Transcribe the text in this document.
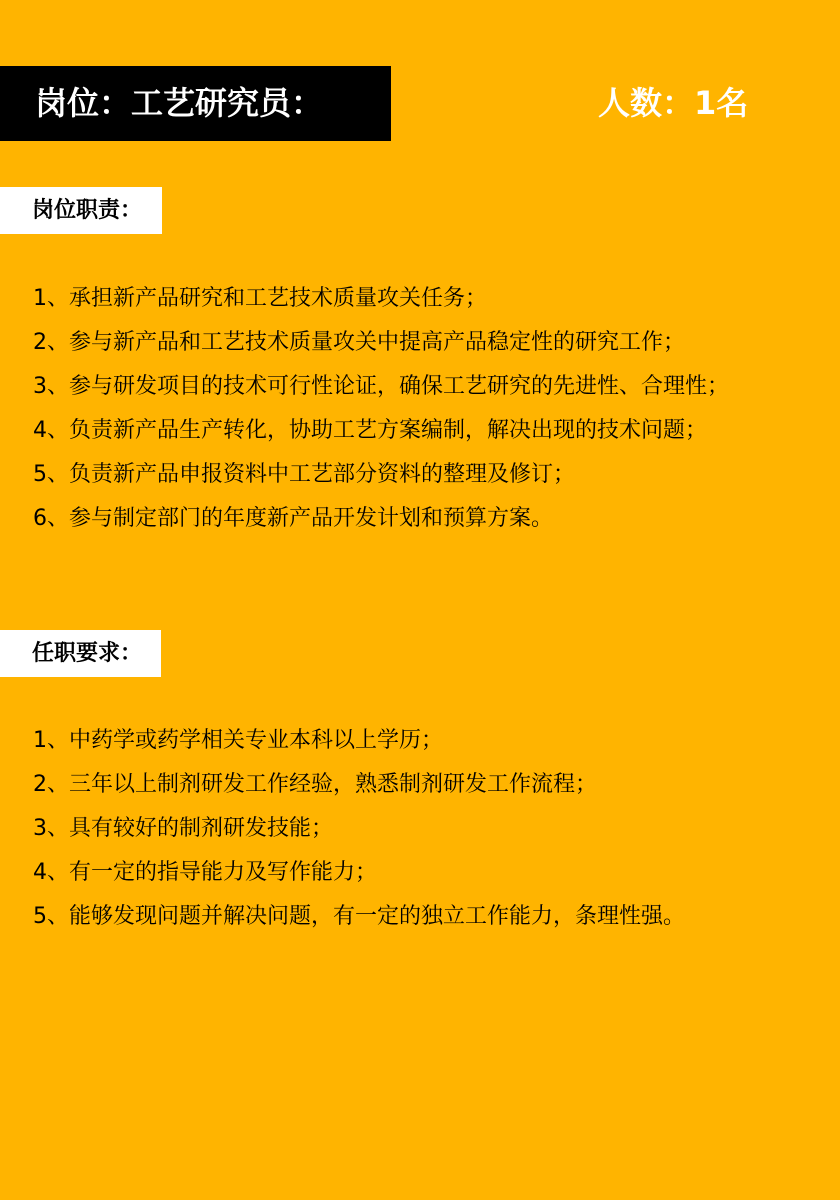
岗位：工艺研究员：	人数：1名
岗位职责：
1、承担新产品研究和工艺技术质量攻关任务；
2、参与新产品和工艺技术质量攻关中提高产品稳定性的研究工作；
3、参与研发项目的技术可行性论证，确保工艺研究的先进性、合理性；
4、负责新产品生产转化，协助工艺方案编制，解决出现的技术问题；
5、负责新产品申报资料中工艺部分资料的整理及修订；
6、参与制定部门的年度新产品开发计划和预算方案。
任职要求：
1、中药学或药学相关专业本科以上学历；
2、三年以上制剂研发工作经验，熟悉制剂研发工作流程；
3、具有较好的制剂研发技能；
4、有一定的指导能力及写作能力；
5、能够发现问题并解决问题，有一定的独立工作能力，条理性强。
